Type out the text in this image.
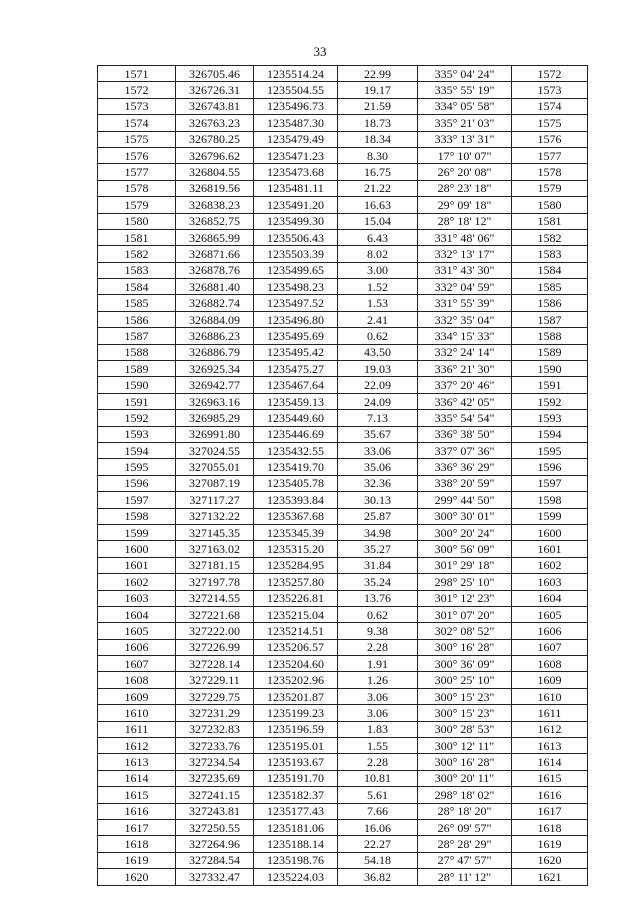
33
1571	326705.46	1235514.24	22.99	335° 04' 24"	1572
1572	326726.31	1235504.55	19.17	335° 55' 19"	1573
1573	326743.81	1235496.73	21.59	334° 05' 58"	1574
1574	326763.23	1235487.30	18.73	335° 21' 03"	1575
1575	326780.25	1235479.49	18.34	333° 13' 31"	1576
1576	326796.62	1235471.23	8.30	17° 10' 07"	1577
1577	326804.55	1235473.68	16.75	26° 20' 08"	1578
1578	326819.56	1235481.11	21.22	28° 23' 18"	1579
1579	326838.23	1235491.20	16.63	29° 09' 18"	1580
1580	326852.75	1235499.30	15.04	28° 18' 12"	1581
1581	326865.99	1235506.43	6.43	331° 48' 06"	1582
1582	326871.66	1235503.39	8.02	332° 13' 17"	1583
1583	326878.76	1235499.65	3.00	331° 43' 30"	1584
1584	326881.40	1235498.23	1.52	332° 04' 59"	1585
1585	326882.74	1235497.52	1.53	331° 55' 39"	1586
1586	326884.09	1235496.80	2.41	332° 35' 04"	1587
1587	326886.23	1235495.69	0.62	334° 15' 33"	1588
1588	326886.79	1235495.42	43.50	332° 24' 14"	1589
1589	326925.34	1235475.27	19.03	336° 21' 30"	1590
1590	326942.77	1235467.64	22.09	337° 20' 46"	1591
1591	326963.16	1235459.13	24.09	336° 42' 05"	1592
1592	326985.29	1235449.60	7.13	335° 54' 54"	1593
1593	326991.80	1235446.69	35.67	336° 38' 50"	1594
1594	327024.55	1235432.55	33.06	337° 07' 36"	1595
1595	327055.01	1235419.70	35.06	336° 36' 29"	1596
1596	327087.19	1235405.78	32.36	338° 20' 59"	1597
1597	327117.27	1235393.84	30.13	299° 44' 50"	1598
1598	327132.22	1235367.68	25.87	300° 30' 01"	1599
1599	327145.35	1235345.39	34.98	300° 20' 24"	1600
1600	327163.02	1235315.20	35.27	300° 56' 09"	1601
1601	327181.15	1235284.95	31.84	301° 29' 18"	1602
1602	327197.78	1235257.80	35.24	298° 25' 10"	1603
1603	327214.55	1235226.81	13.76	301° 12' 23"	1604
1604	327221.68	1235215.04	0.62	301° 07' 20"	1605
1605	327222.00	1235214.51	9.38	302° 08' 52"	1606
1606	327226.99	1235206.57	2.28	300° 16' 28"	1607
1607	327228.14	1235204.60	1.91	300° 36' 09"	1608
1608	327229.11	1235202.96	1.26	300° 25' 10"	1609
1609	327229.75	1235201.87	3.06	300° 15' 23"	1610
1610	327231.29	1235199.23	3.06	300° 15' 23"	1611
1611	327232.83	1235196.59	1.83	300° 28' 53"	1612
1612	327233.76	1235195.01	1.55	300° 12' 11"	1613
1613	327234.54	1235193.67	2.28	300° 16' 28"	1614
1614	327235.69	1235191.70	10.81	300° 20' 11"	1615
1615	327241.15	1235182.37	5.61	298° 18' 02"	1616
1616	327243.81	1235177.43	7.66	28° 18' 20"	1617
1617	327250.55	1235181.06	16.06	26° 09' 57"	1618
1618	327264.96	1235188.14	22.27	28° 28' 29"	1619
1619	327284.54	1235198.76	54.18	27° 47' 57"	1620
1620	327332.47	1235224.03	36.82	28° 11' 12"	1621
